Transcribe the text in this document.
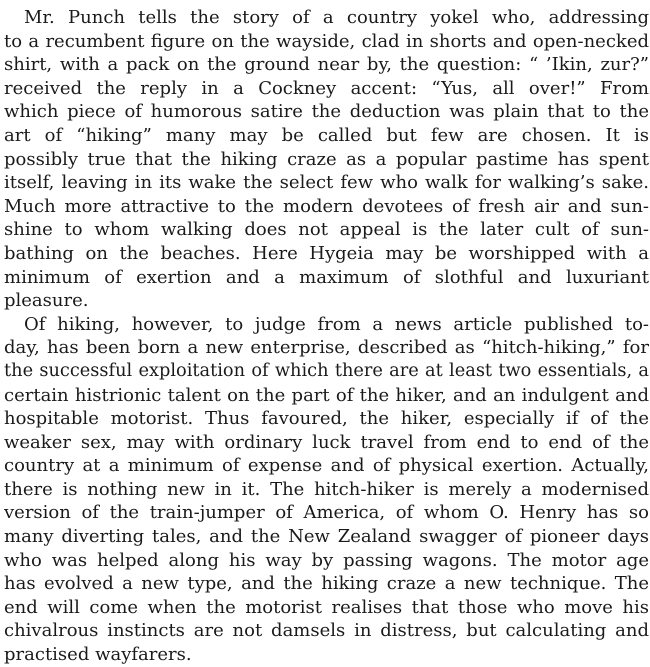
Mr. Punch tells the story of a country yokel who, addressing
to a recumbent figure on the wayside, clad in shorts and open-necked
shirt, with a pack on the ground near by, the question: “ ’Ikin, zur?”
received the reply in a Cockney accent: “Yus, all over!” From
which piece of humorous satire the deduction was plain that to the
art of “hiking” many may be called but few are chosen. It is
possibly true that the hiking craze as a popular pastime has spent
itself, leaving in its wake the select few who walk for walking’s sake.
Much more attractive to the modern devotees of fresh air and sun-
shine to whom walking does not appeal is the later cult of sun-
bathing on the beaches. Here Hygeia may be worshipped with a
minimum of exertion and a maximum of slothful and luxuriant
pleasure.
Of hiking, however, to judge from a news article published to-
day, has been born a new enterprise, described as “hitch-hiking,” for
the successful exploitation of which there are at least two essentials, a
certain histrionic talent on the part of the hiker, and an indulgent and
hospitable motorist. Thus favoured, the hiker, especially if of the
weaker sex, may with ordinary luck travel from end to end of the
country at a minimum of expense and of physical exertion. Actually,
there is nothing new in it. The hitch-hiker is merely a modernised
version of the train-jumper of America, of whom O. Henry has so
many diverting tales, and the New Zealand swagger of pioneer days
who was helped along his way by passing wagons. The motor age
has evolved a new type, and the hiking craze a new technique. The
end will come when the motorist realises that those who move his
chivalrous instincts are not damsels in distress, but calculating and
practised wayfarers.
